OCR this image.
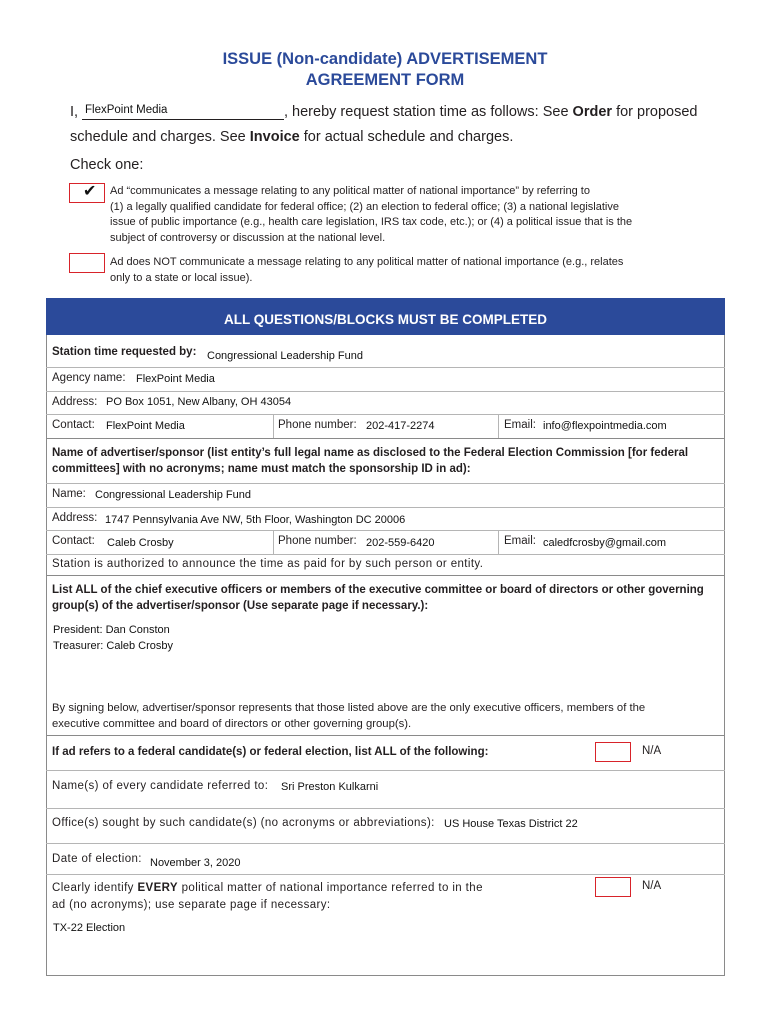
ISSUE (Non-candidate) ADVERTISEMENT
AGREEMENT FORM
I, FlexPoint Media	, hereby request station time as follows: See Order for proposed
schedule and charges. See Invoice for actual schedule and charges.
Check one:
✔ Ad “communicates a message relating to any political matter of national importance” by referring to
(1) a legally qualified candidate for federal office; (2) an election to federal office; (3) a national legislative
issue of public importance (e.g., health care legislation, IRS tax code, etc.); or (4) a political issue that is the
subject of controversy or discussion at the national level.
Ad does NOT communicate a message relating to any political matter of national importance (e.g., relates
only to a state or local issue).
ALL QUESTIONS/BLOCKS MUST BE COMPLETED
Station time requested by: Congressional Leadership Fund
Agency name: FlexPoint Media
Address: PO Box 1051, New Albany, OH 43054
Contact: FlexPoint Media	Phone number: 202-417-2274	Email: info@flexpointmedia.com
Name of advertiser/sponsor (list entity’s full legal name as disclosed to the Federal Election Commission [for federal
committees] with no acronyms; name must match the sponsorship ID in ad):
Name: Congressional Leadership Fund
Address: 1747 Pennsylvania Ave NW, 5th Floor, Washington DC 20006
Contact: Caleb Crosby	Phone number: 202-559-6420	Email: caledfcrosby@gmail.com
Station is authorized to announce the time as paid for by such person or entity.
List ALL of the chief executive officers or members of the executive committee or board of directors or other governing
group(s) of the advertiser/sponsor (Use separate page if necessary.):
President: Dan Conston
Treasurer: Caleb Crosby
By signing below, advertiser/sponsor represents that those listed above are the only executive officers, members of the
executive committee and board of directors or other governing group(s).
If ad refers to a federal candidate(s) or federal election, list ALL of the following:	N/A
Name(s) of every candidate referred to: Sri Preston Kulkarni
Office(s) sought by such candidate(s) (no acronyms or abbreviations): US House Texas District 22
Date of election: November 3, 2020
Clearly identify EVERY political matter of national importance referred to in the
ad (no acronyms); use separate page if necessary:
N/A
TX-22 Election
